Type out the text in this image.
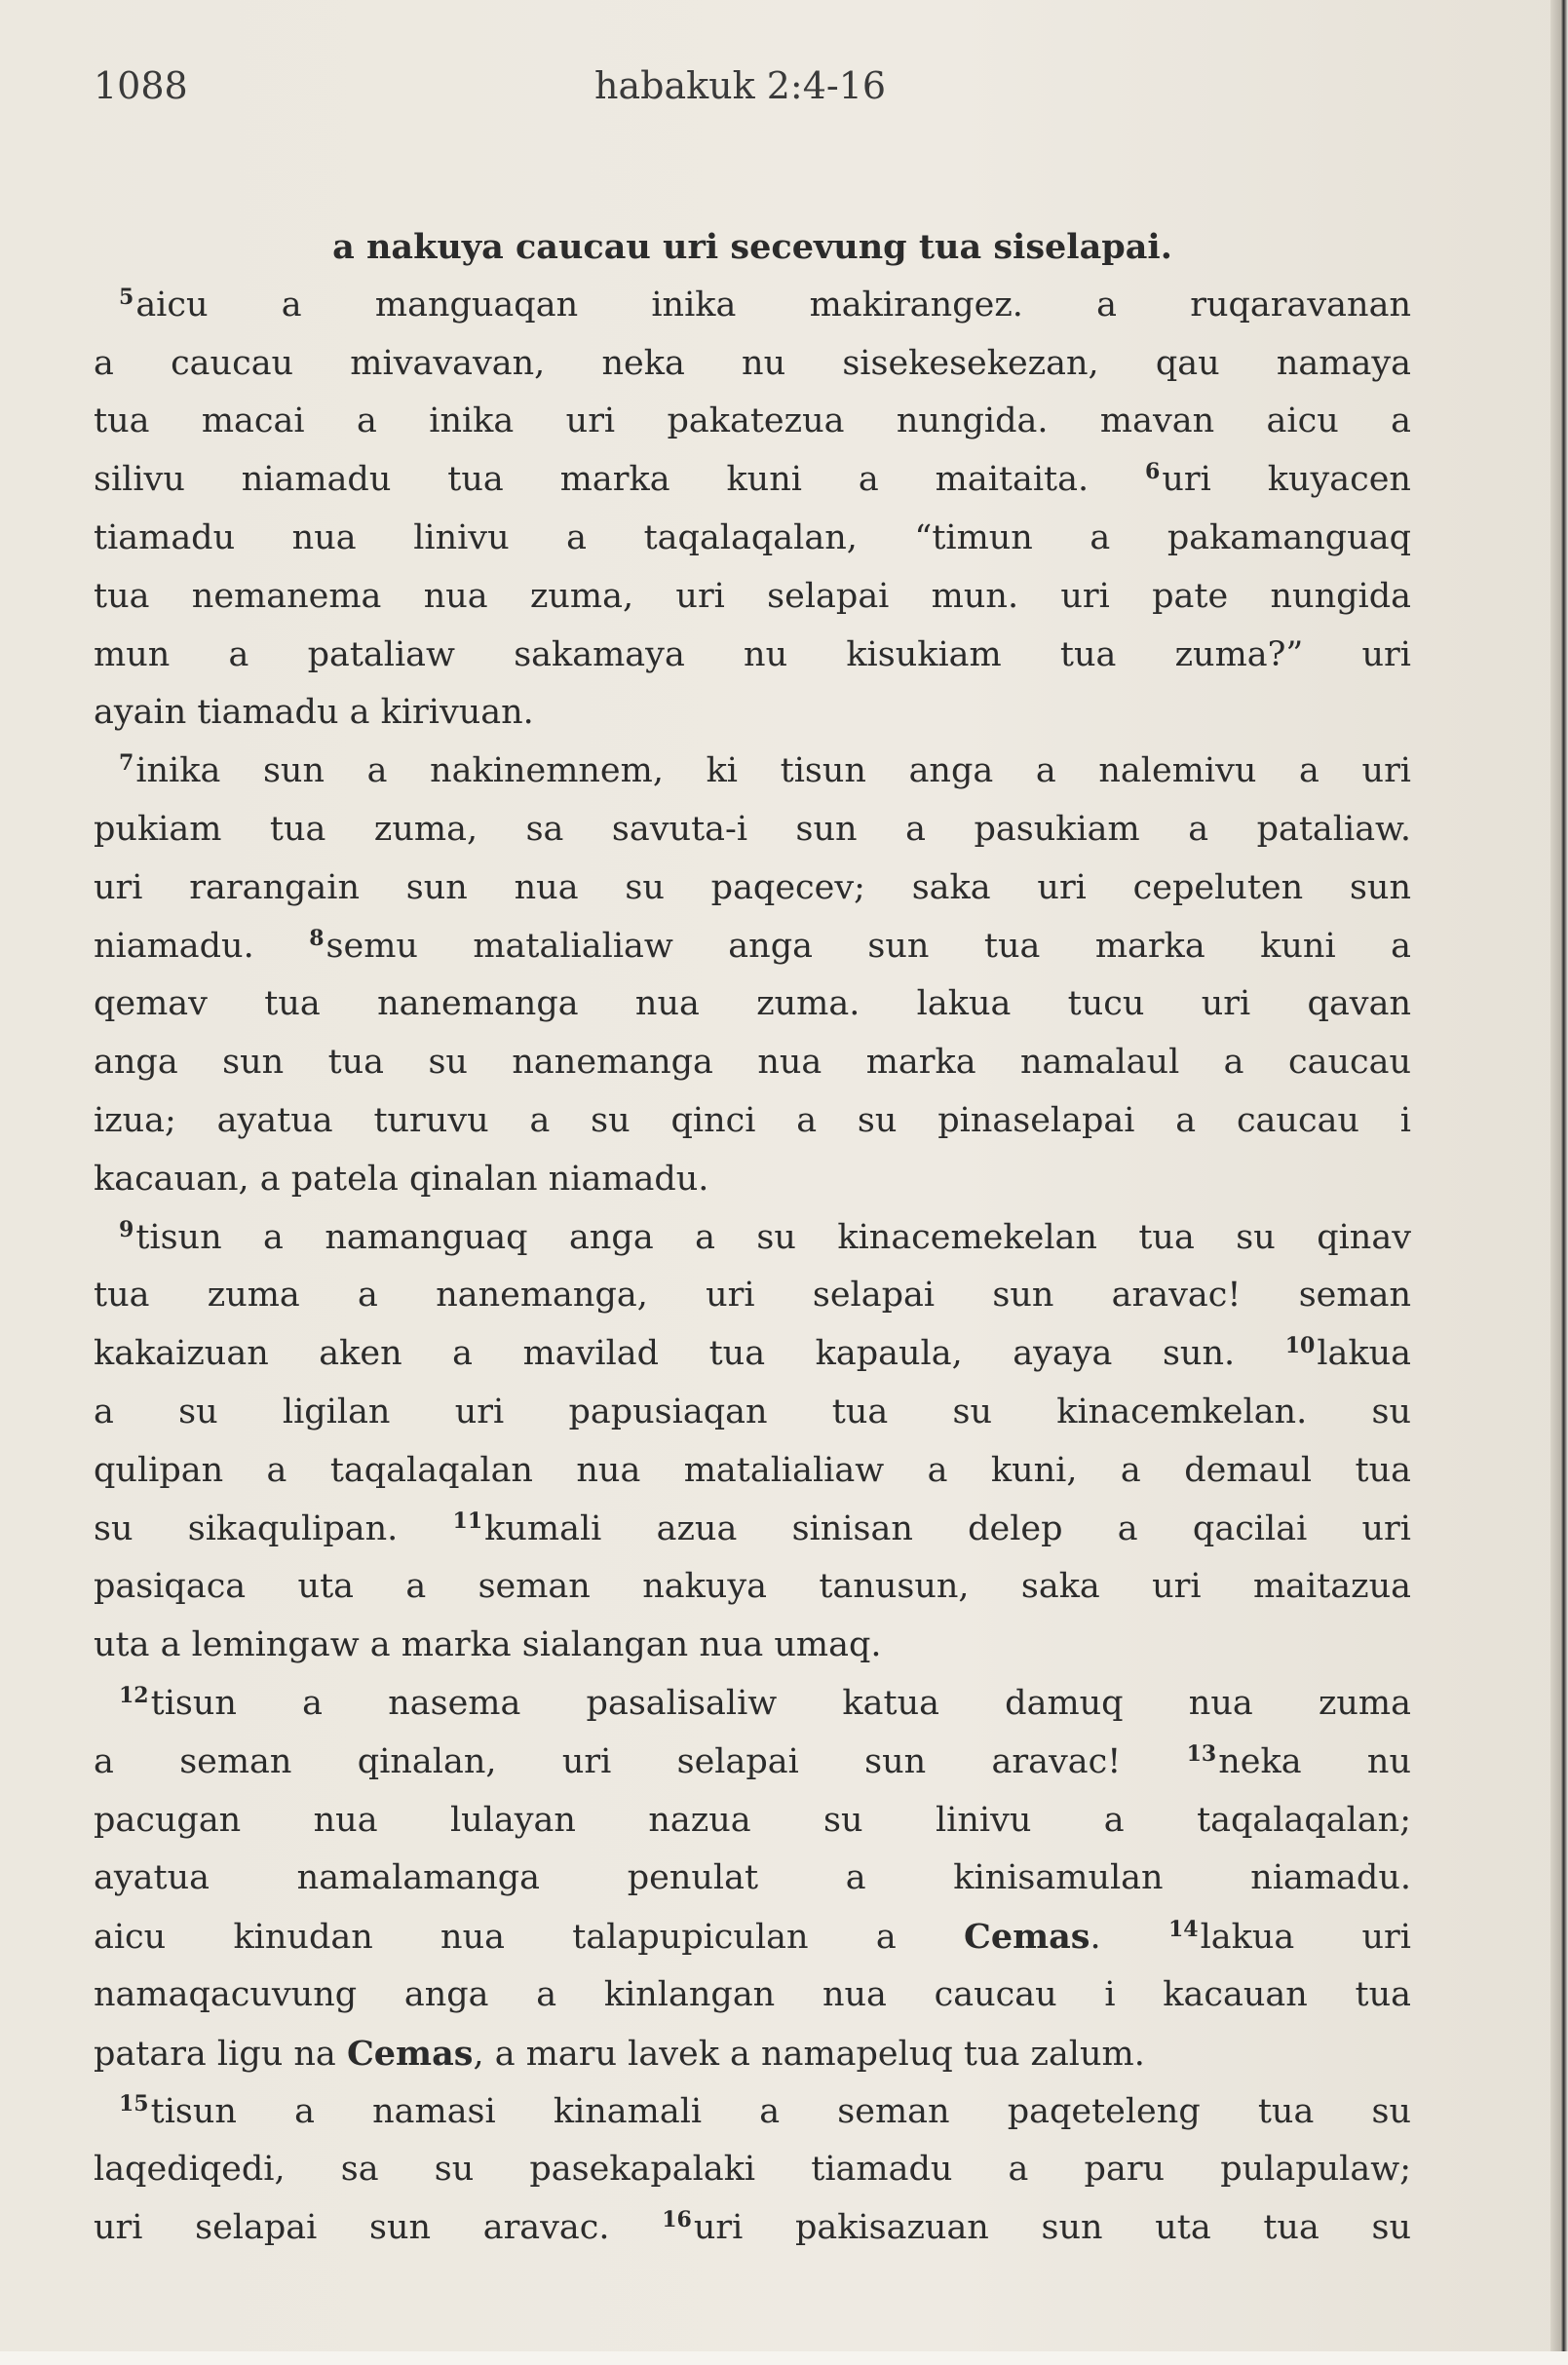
1088	habakuk 2:4-16
a nakuya caucau uri secevung tua siselapai.
$^5$aicu a manguaqan inika makirangez. a ruqaravanan
a caucau mivavavan, neka nu sisekesekezan, qau namaya
tua macai a inika uri pakatezua nungida. mavan aicu a
silivu niamadu tua marka kuni a maitaita.	$^6$uri kuyacen
tiamadu nua linivu a taqalaqalan, “timun a pakamanguaq
tua nemanema nua zuma, uri selapai mun. uri pate nungida
mun a pataliaw sakamaya nu kisukiam tua zuma?” uri
ayain tiamadu a kirivuan.
$^7$inika sun a nakinemnem, ki tisun anga a nalemivu a uri
pukiam tua zuma, sa savuta-i sun a pasukiam a pataliaw.
uri rarangain sun nua su paqecev; saka uri cepeluten sun
niamadu.	$^8$semu matalialiaw anga sun tua marka kuni a
qemav tua nanemanga nua zuma. lakua tucu uri qavan
anga sun tua su nanemanga nua marka namalaul a caucau
izua; ayatua turuvu a su qinci a su pinaselapai a caucau i
kacauan, a patela qinalan niamadu.
$^9$tisun a namanguaq anga a su kinacemekelan tua su qinav
tua zuma a nanemanga, uri selapai sun aravac! seman
kakaizuan aken a mavilad tua kapaula, ayaya sun. $^{10}$lakua
a su ligilan uri papusiaqan tua su kinacemkelan. su
qulipan a taqalaqalan nua matalialiaw a kuni, a demaul tua
su sikaqulipan.	$^{11}$kumali azua sinisan delep a qacilai uri
pasiqaca uta a seman nakuya tanusun, saka uri maitazua
uta a lemingaw a marka sialangan nua umaq.
$^{12}$tisun a nasema pasalisaliw katua damuq nua zuma
a seman qinalan, uri selapai sun aravac!	$^{13}$neka nu
pacugan nua lulayan nazua su linivu a taqalaqalan;
ayatua namalamanga penulat a kinisamulan niamadu.
aicu kinudan nua talapupiculan a Cemas.	$^{14}$lakua uri
namaqacuvung anga a kinlangan nua caucau i kacauan tua
patara ligu na Cemas, a maru lavek a namapeluq tua zalum.
$^{15}$tisun a namasi kinamali a seman paqeteleng tua su
laqediqedi, sa su pasekapalaki tiamadu a paru pulapulaw;
uri selapai sun aravac. $^{16}$uri pakisazuan sun uta tua su
